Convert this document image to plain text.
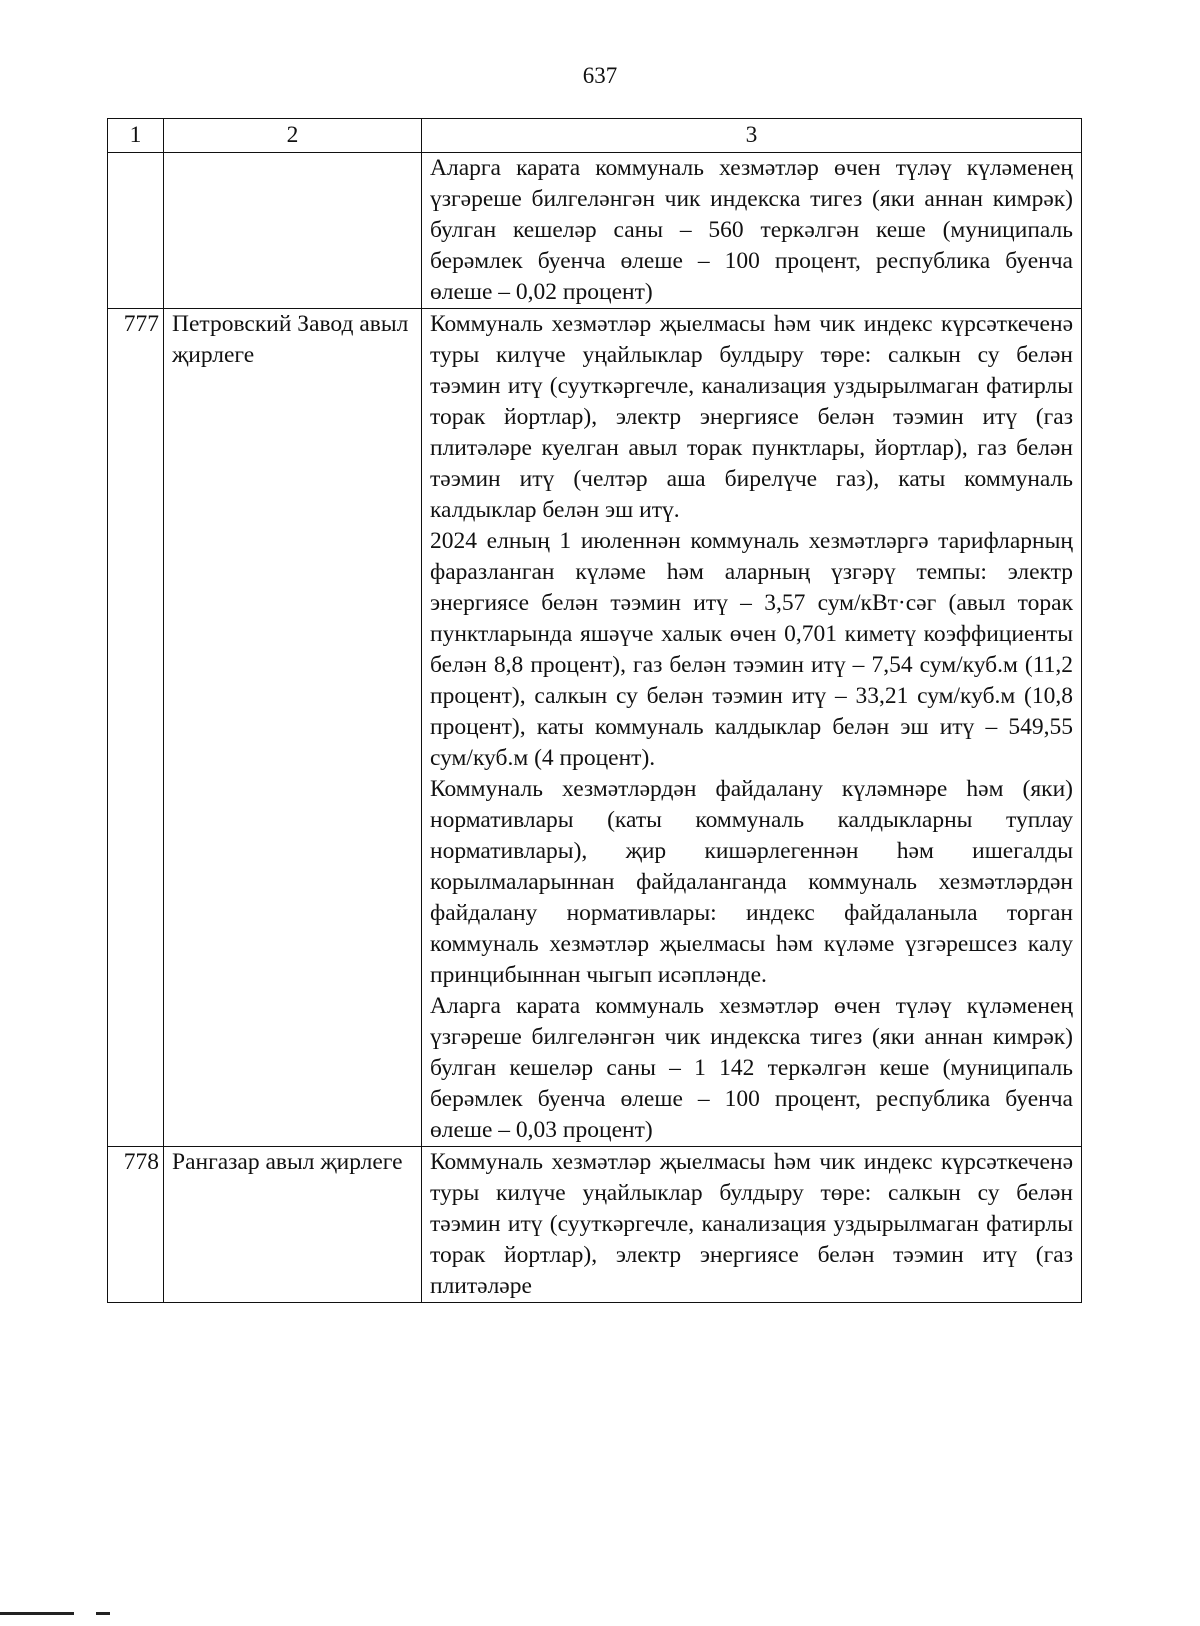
637
1	2	3

		Аларга карата коммуналь хезмәтләр өчен түләү күләменең үзгәреше билгеләнгән чик индекска тигез (яки аннан кимрәк) булган кешеләр саны – 560 теркәлгән кеше (муниципаль берәмлек буенча өлеше – 100 процент, республика буенча өлеше – 0,02 процент)

777	Петровский Завод авыл җирлеге	Коммуналь хезмәтләр җыелмасы һәм чик индекс күрсәткеченә туры килүче уңайлыклар булдыру төре: салкын су белән тәэмин итү (сууткәргечле, канализация уздырылмаган фатирлы торак йортлар), электр энергиясе белән тәэмин итү (газ плитәләре куелган авыл торак пунктлары, йортлар), газ белән тәэмин итү (челтәр аша бирелүче газ), каты коммуналь калдыклар белән эш итү.

2024 елның 1 июленнән коммуналь хезмәтләргә тарифларның фаразланган күләме һәм аларның үзгәрү темпы: электр энергиясе белән тәэмин итү – 3,57 сум/кВт·сәг (авыл торак пунктларында яшәүче халык өчен 0,701 киметү коэффициенты белән 8,8 процент), газ белән тәэмин итү – 7,54 сум/куб.м (11,2 процент), салкын су белән тәэмин итү – 33,21 сум/куб.м (10,8 процент), каты коммуналь калдыклар белән эш итү – 549,55 сум/куб.м (4 процент).

Коммуналь хезмәтләрдән файдалану күләмнәре һәм (яки) нормативлары (каты коммуналь калдыкларны туплау нормативлары), җир кишәрлегеннән һәм ишегалды корылмаларыннан файдаланганда коммуналь хезмәтләрдән файдалану нормативлары: индекс файдаланыла торган коммуналь хезмәтләр җыелмасы һәм күләме үзгәрешсез калу принцибыннан чыгып исәпләнде.

Аларга карата коммуналь хезмәтләр өчен түләү күләменең үзгәреше билгеләнгән чик индекска тигез (яки аннан кимрәк) булган кешеләр саны – 1 142 теркәлгән кеше (муниципаль берәмлек буенча өлеше – 100 процент, республика буенча өлеше – 0,03 процент)

778	Рангазар авыл җирлеге	Коммуналь хезмәтләр җыелмасы һәм чик индекс күрсәткеченә туры килүче уңайлыклар булдыру төре: салкын су белән тәэмин итү (сууткәргечле, канализация уздырылмаган фатирлы торак йортлар), электр энергиясе белән тәэмин итү (газ плитәләре
